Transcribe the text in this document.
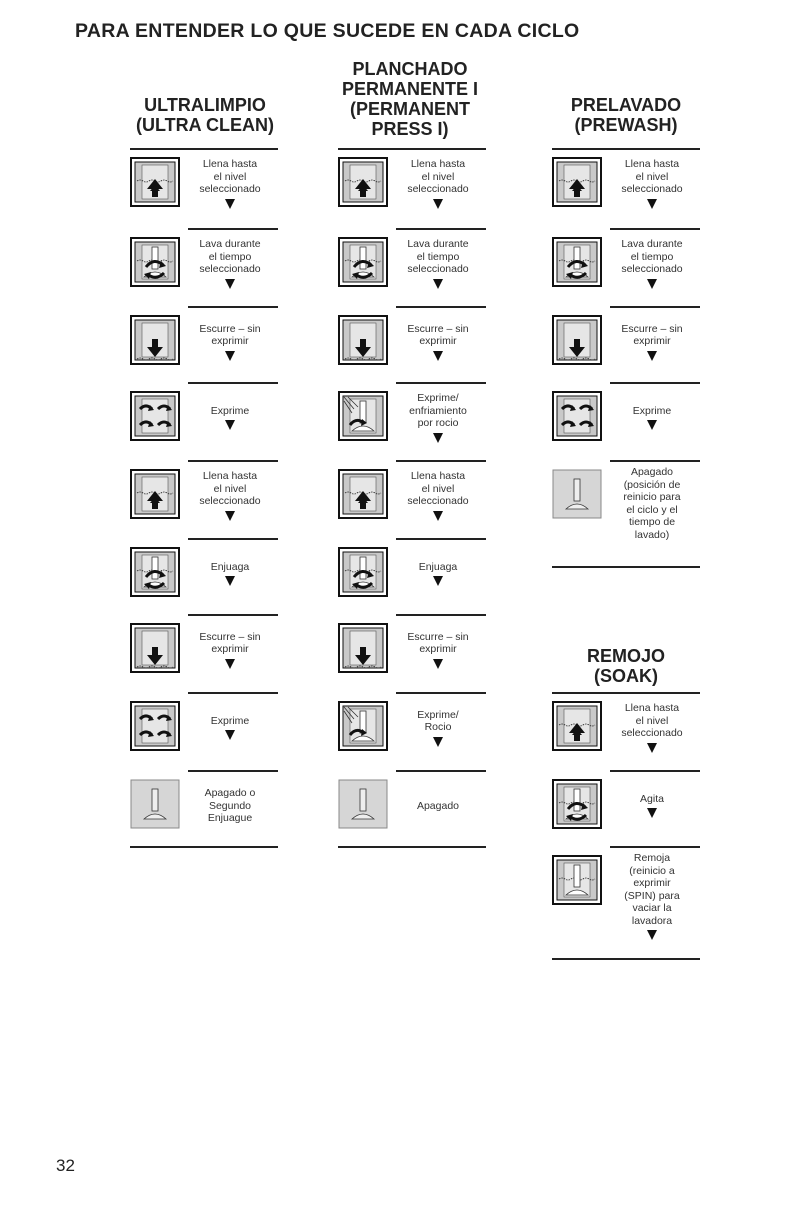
PARA ENTENDER LO QUE SUCEDE EN CADA CICLO
ULTRALIMPIO
(ULTRA CLEAN)
PLANCHADO
PERMANENTE I
(PERMANENT
PRESS I)
PRELAVADO
(PREWASH)
REMOJO
(SOAK)
Llena hasta
el nivel
seleccionado
Lava durante
el tiempo
seleccionado
Escurre – sin
exprimir
Exprime
Llena hasta
el nivel
seleccionado
Enjuaga
Escurre – sin
exprimir
Exprime
Apagado o
Segundo
Enjuague
Llena hasta
el nivel
seleccionado
Lava durante
el tiempo
seleccionado
Escurre – sin
exprimir
Exprime/
enfriamiento
por rocio
Llena hasta
el nivel
seleccionado
Enjuaga
Escurre – sin
exprimir
Exprime/
Rocio
Apagado
Llena hasta
el nivel
seleccionado
Lava durante
el tiempo
seleccionado
Escurre – sin
exprimir
Exprime
Apagado
(posición de
reinicio para
el ciclo y el
tiempo de
lavado)
Llena hasta
el nivel
seleccionado
Agita
Remoja
(reinicio a
exprimir
(SPIN) para
vaciar la
lavadora
32
